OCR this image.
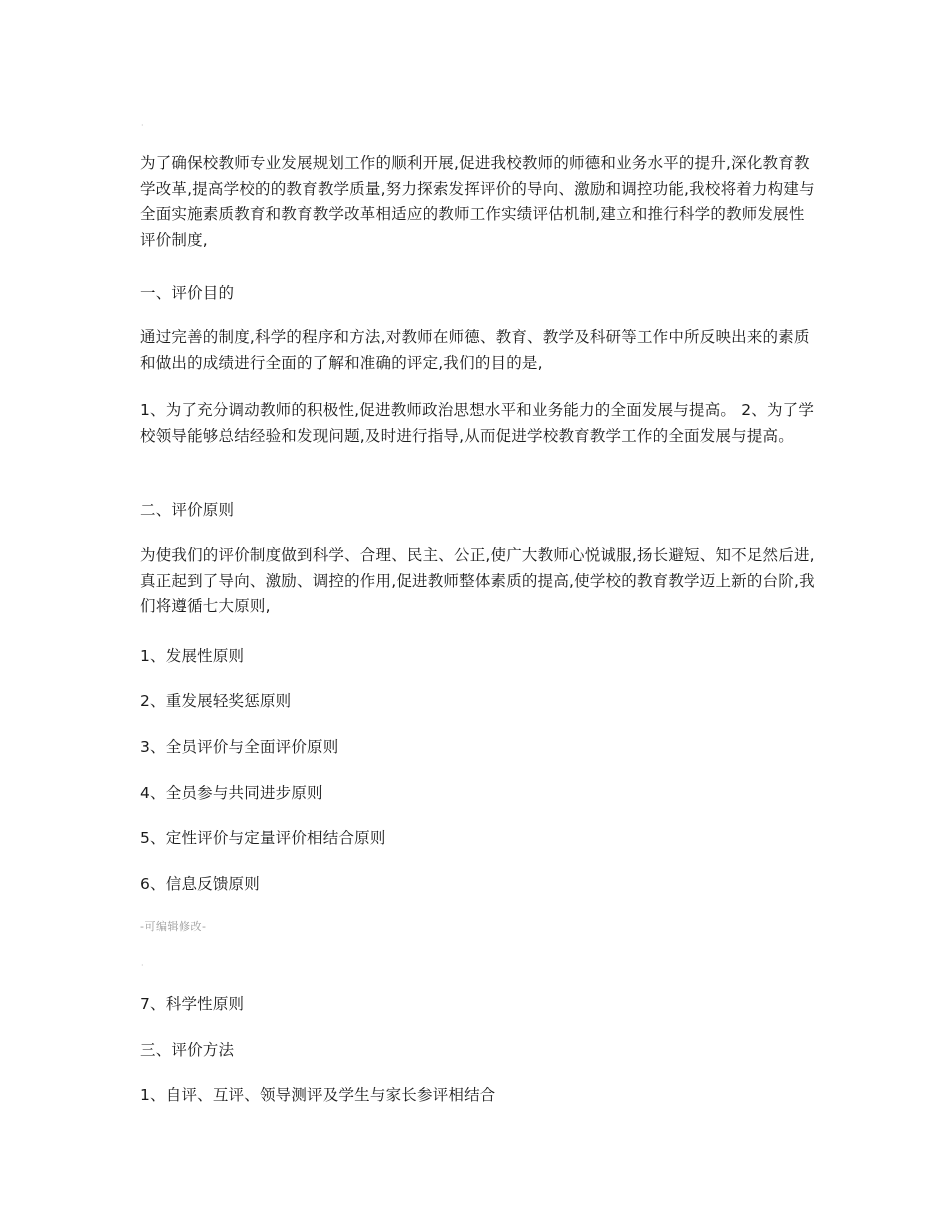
·

为了确保校教师专业发展规划工作的顺利开展,促进我校教师的师德和业务水平的提升,深化教育教学改革,提高学校的的教育教学质量,努力探索发挥评价的导向、激励和调控功能,我校将着力构建与全面实施素质教育和教育教学改革相适应的教师工作实绩评估机制,建立和推行科学的教师发展性评价制度,

一、评价目的

通过完善的制度,科学的程序和方法,对教师在师德、教育、教学及科研等工作中所反映出来的素质和做出的成绩进行全面的了解和准确的评定,我们的目的是,

1、为了充分调动教师的积极性,促进教师政治思想水平和业务能力的全面发展与提高。 2、为了学校领导能够总结经验和发现问题,及时进行指导,从而促进学校教育教学工作的全面发展与提高。

二、评价原则

为使我们的评价制度做到科学、合理、民主、公正,使广大教师心悦诚服,扬长避短、知不足然后进,真正起到了导向、激励、调控的作用,促进教师整体素质的提高,使学校的教育教学迈上新的台阶,我们将遵循七大原则,

1、发展性原则

2、重发展轻奖惩原则

3、全员评价与全面评价原则

4、全员参与共同进步原则

5、定性评价与定量评价相结合原则

6、信息反馈原则

-可编辑修改-
·

7、科学性原则

三、评价方法

1、自评、互评、领导测评及学生与家长参评相结合
